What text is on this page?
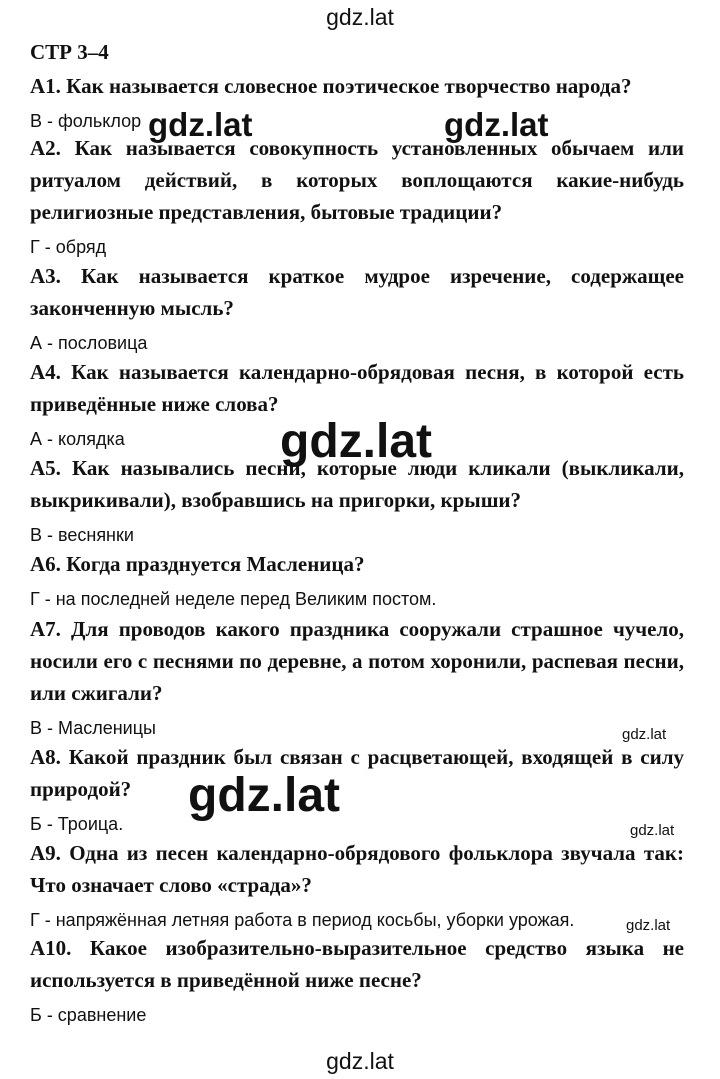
СТР 3–4

А1. Как называется словесное поэтическое творчество народа?

В - фольклор

А2. Как называется совокупность установленных обычаем или ритуалом действий, в которых воплощаются какие-нибудь религиозные представления, бытовые традиции?

Г - обряд

А3. Как называется краткое мудрое изречение, содержащее законченную мысль?

А - пословица

А4. Как называется календарно-обрядовая песня, в которой есть приведённые ниже слова?

А - колядка

А5. Как назывались песни, которые люди кликали (выкликали, выкрикивали), взобравшись на пригорки, крыши?

В - веснянки

А6. Когда празднуется Масленица?

Г - на последней неделе перед Великим постом.

А7. Для проводов какого праздника сооружали страшное чучело, носили его с песнями по деревне, а потом хоронили, распевая песни, или сжигали?

В - Масленицы

А8. Какой праздник был связан с расцветающей, входящей в силу природой?

Б - Троица.

А9. Одна из песен календарно-обрядового фольклора звучала так: Что означает слово «страда»?

Г - напряжённая летняя работа в период косьбы, уборки урожая.

А10. Какое изобразительно-выразительное средство языка не используется в приведённой ниже песне?

Б - сравнение

gdz.lat
gdz.lat	gdz.lat
gdz.lat
gdz.lat
gdz.lat
gdz.lat
gdz.lat
gdz.lat
